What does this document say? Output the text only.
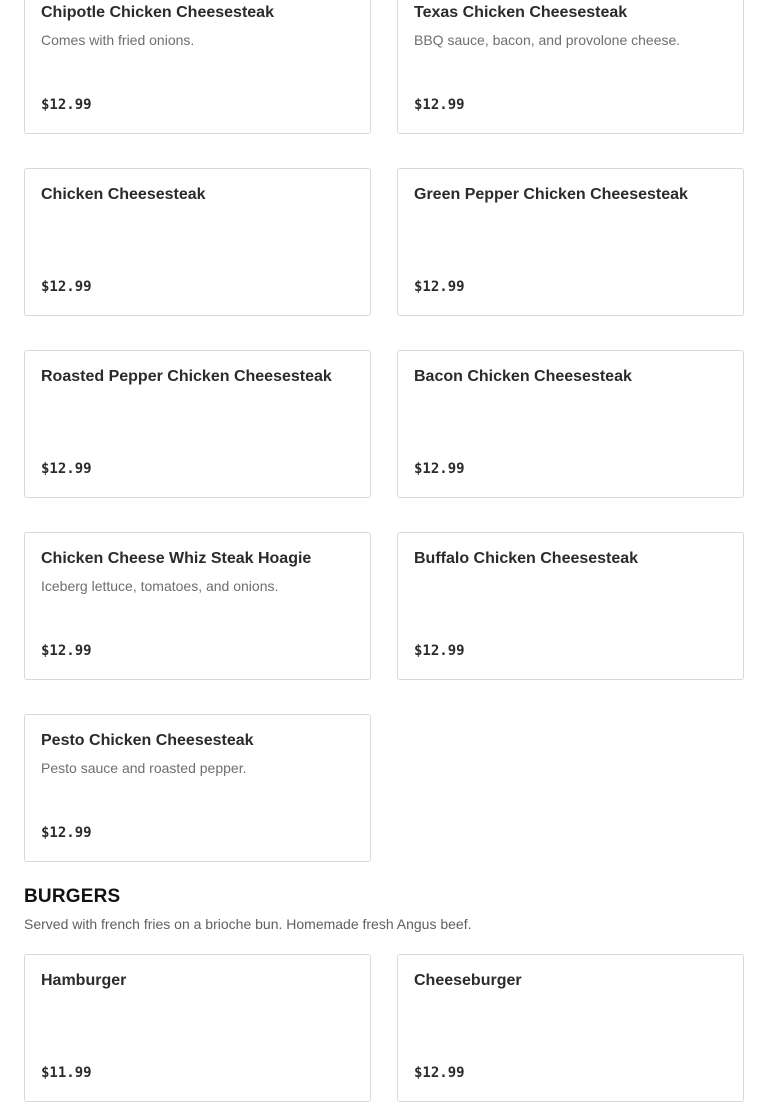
Chipotle Chicken Cheesesteak
Comes with fried onions.
$12.99
Texas Chicken Cheesesteak
BBQ sauce, bacon, and provolone cheese.
$12.99
Chicken Cheesesteak
$12.99
Green Pepper Chicken Cheesesteak
$12.99
Roasted Pepper Chicken Cheesesteak
$12.99
Bacon Chicken Cheesesteak
$12.99
Chicken Cheese Whiz Steak Hoagie
Iceberg lettuce, tomatoes, and onions.
$12.99
Buffalo Chicken Cheesesteak
$12.99
Pesto Chicken Cheesesteak
Pesto sauce and roasted pepper.
$12.99
BURGERS
Served with french fries on a brioche bun. Homemade fresh Angus beef.
Hamburger
$11.99
Cheeseburger
$12.99
